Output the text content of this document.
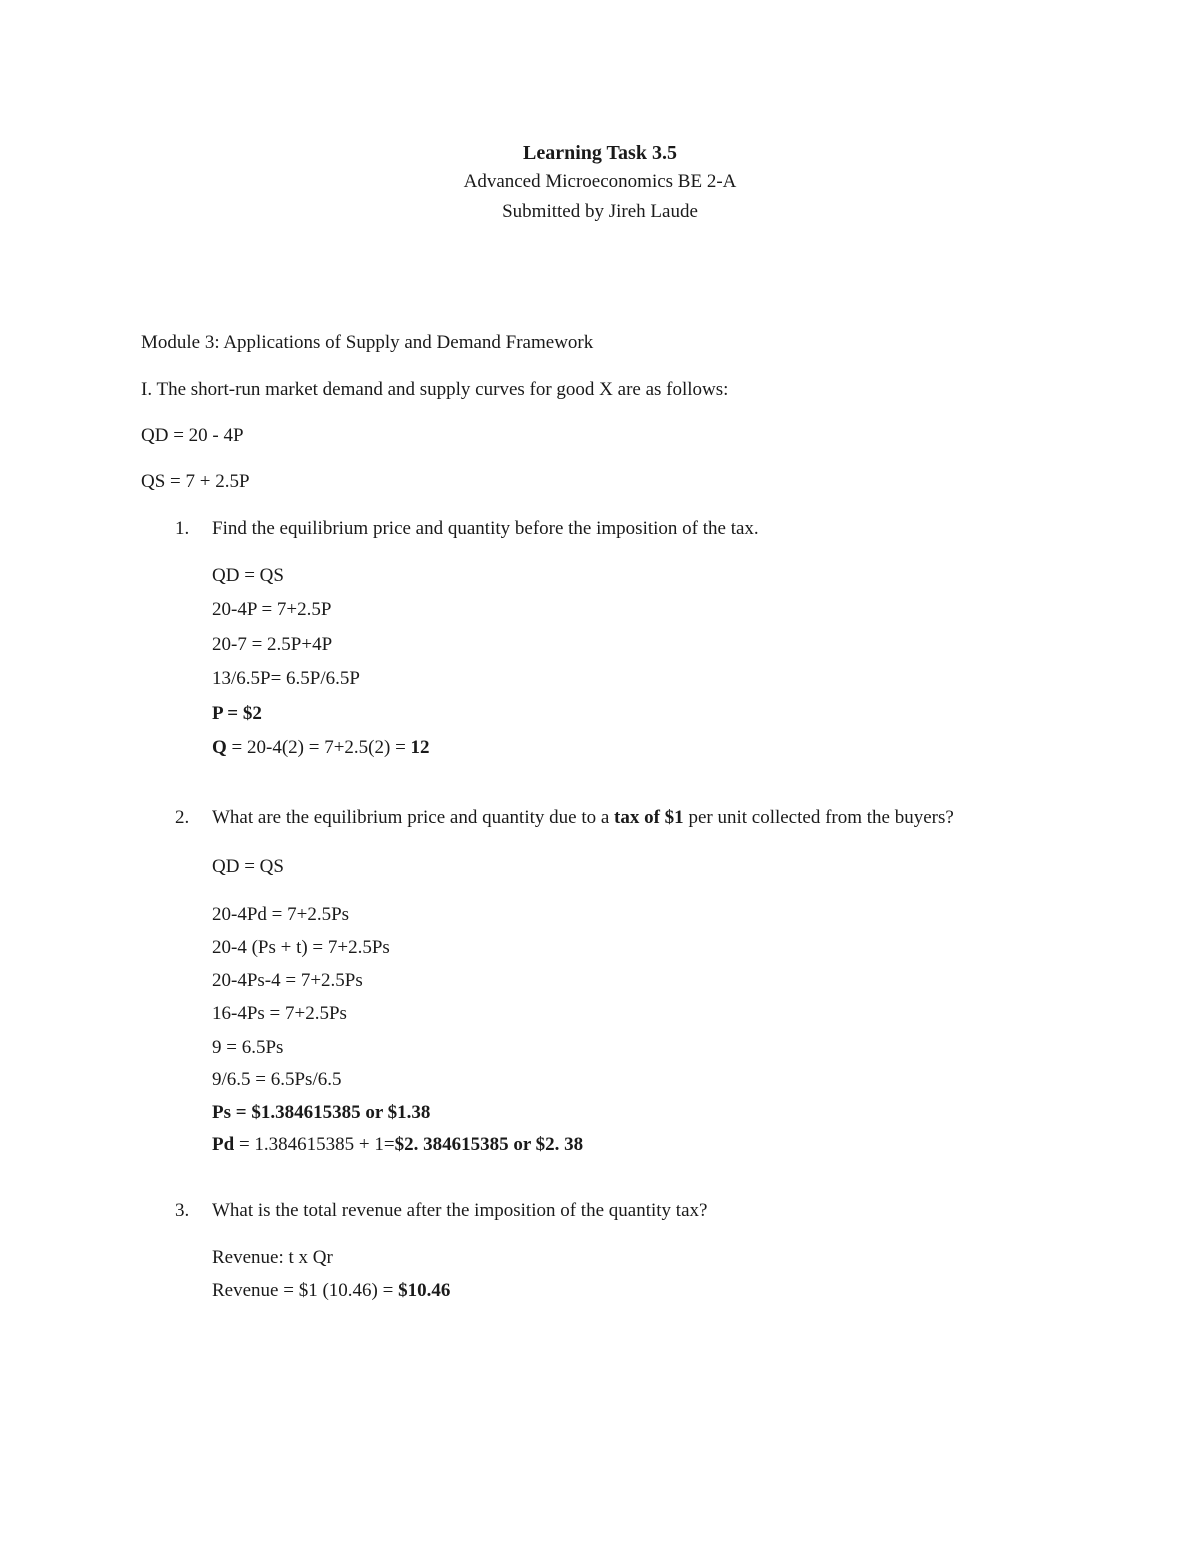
Learning Task 3.5
Advanced Microeconomics BE 2-A
Submitted by Jireh Laude
Module 3: Applications of Supply and Demand Framework
I. The short-run market demand and supply curves for good X are as follows:
QD = 20 - 4P
QS = 7 + 2.5P
1. Find the equilibrium price and quantity before the imposition of the tax.
QD = QS
20-4P = 7+2.5P
20-7 = 2.5P+4P
13/6.5P= 6.5P/6.5P
P = $2
Q = 20-4(2) = 7+2.5(2) = 12
2. What are the equilibrium price and quantity due to a tax of $1 per unit collected from the buyers?
QD = QS
20-4Pd = 7+2.5Ps
20-4 (Ps + t) = 7+2.5Ps
20-4Ps-4 = 7+2.5Ps
16-4Ps = 7+2.5Ps
9 = 6.5Ps
9/6.5 = 6.5Ps/6.5
Ps = $1.384615385 or $1.38
Pd = 1.384615385 + 1=$2. 384615385 or $2. 38
3. What is the total revenue after the imposition of the quantity tax?
Revenue: t x Qr
Revenue = $1 (10.46) = $10.46
